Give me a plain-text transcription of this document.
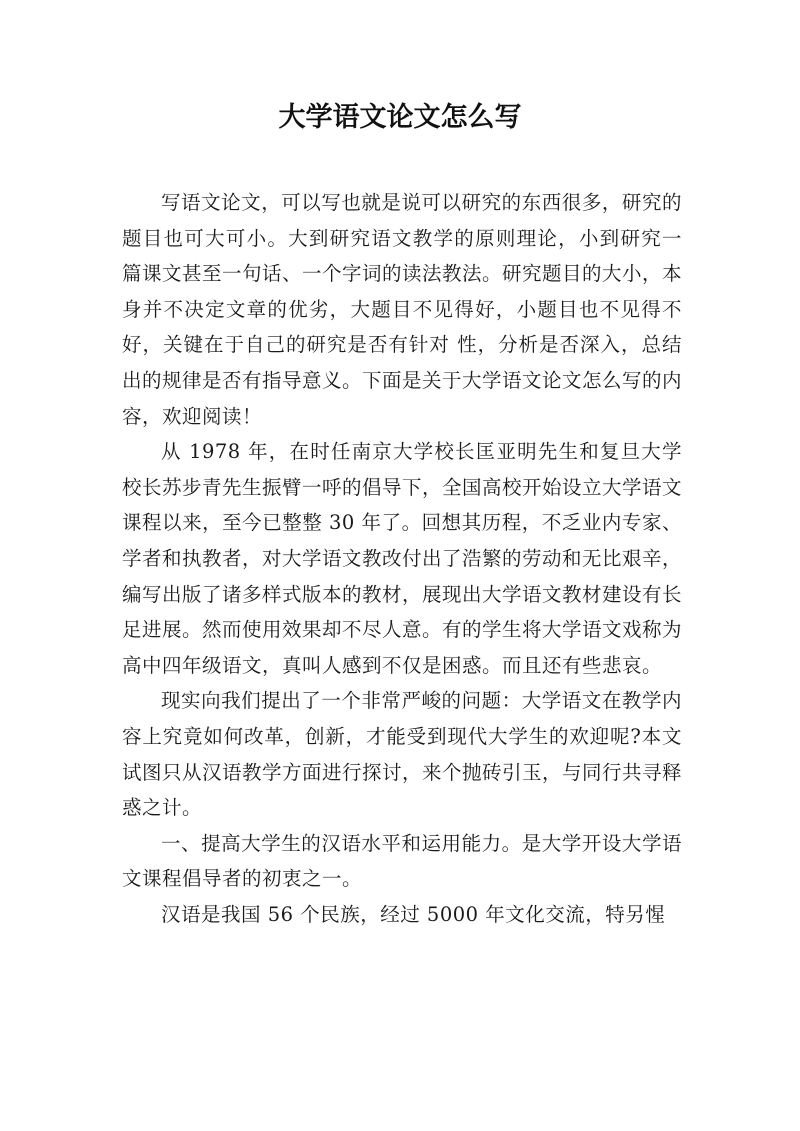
大学语文论文怎么写

写语文论文，可以写也就是说可以研究的东西很多，研究的题目也可大可小。大到研究语文教学的原则理论，小到研究一 篇课文甚至一句话、一个字词的读法教法。研究题目的大小，本身并不决定文章的优劣，大题目不见得好，小题目也不见得不好，关键在于自己的研究是否有针对 性，分析是否深入，总结出的规律是否有指导意义。下面是关于大学语文论文怎么写的内容，欢迎阅读！

从 1978 年，在时任南京大学校长匡亚明先生和复旦大学校长苏步青先生振臂一呼的倡导下，全国高校开始设立大学语文课程以来，至今已整整 30 年了。回想其历程，不乏业内专家、学者和执教者，对大学语文教改付出了浩繁的劳动和无比艰辛，编写出版了诸多样式版本的教材，展现出大学语文教材建设有长足进展。然而使用效果却不尽人意。有的学生将大学语文戏称为高中四年级语文，真叫人感到不仅是困惑。而且还有些悲哀。

现实向我们提出了一个非常严峻的问题：大学语文在教学内容上究竟如何改革，创新，才能受到现代大学生的欢迎呢?本文试图只从汉语教学方面进行探讨，来个抛砖引玉，与同行共寻释惑之计。

一、提高大学生的汉语水平和运用能力。是大学开设大学语文课程倡导者的初衷之一。

汉语是我国 56 个民族，经过 5000 年文化交流，特另惺
